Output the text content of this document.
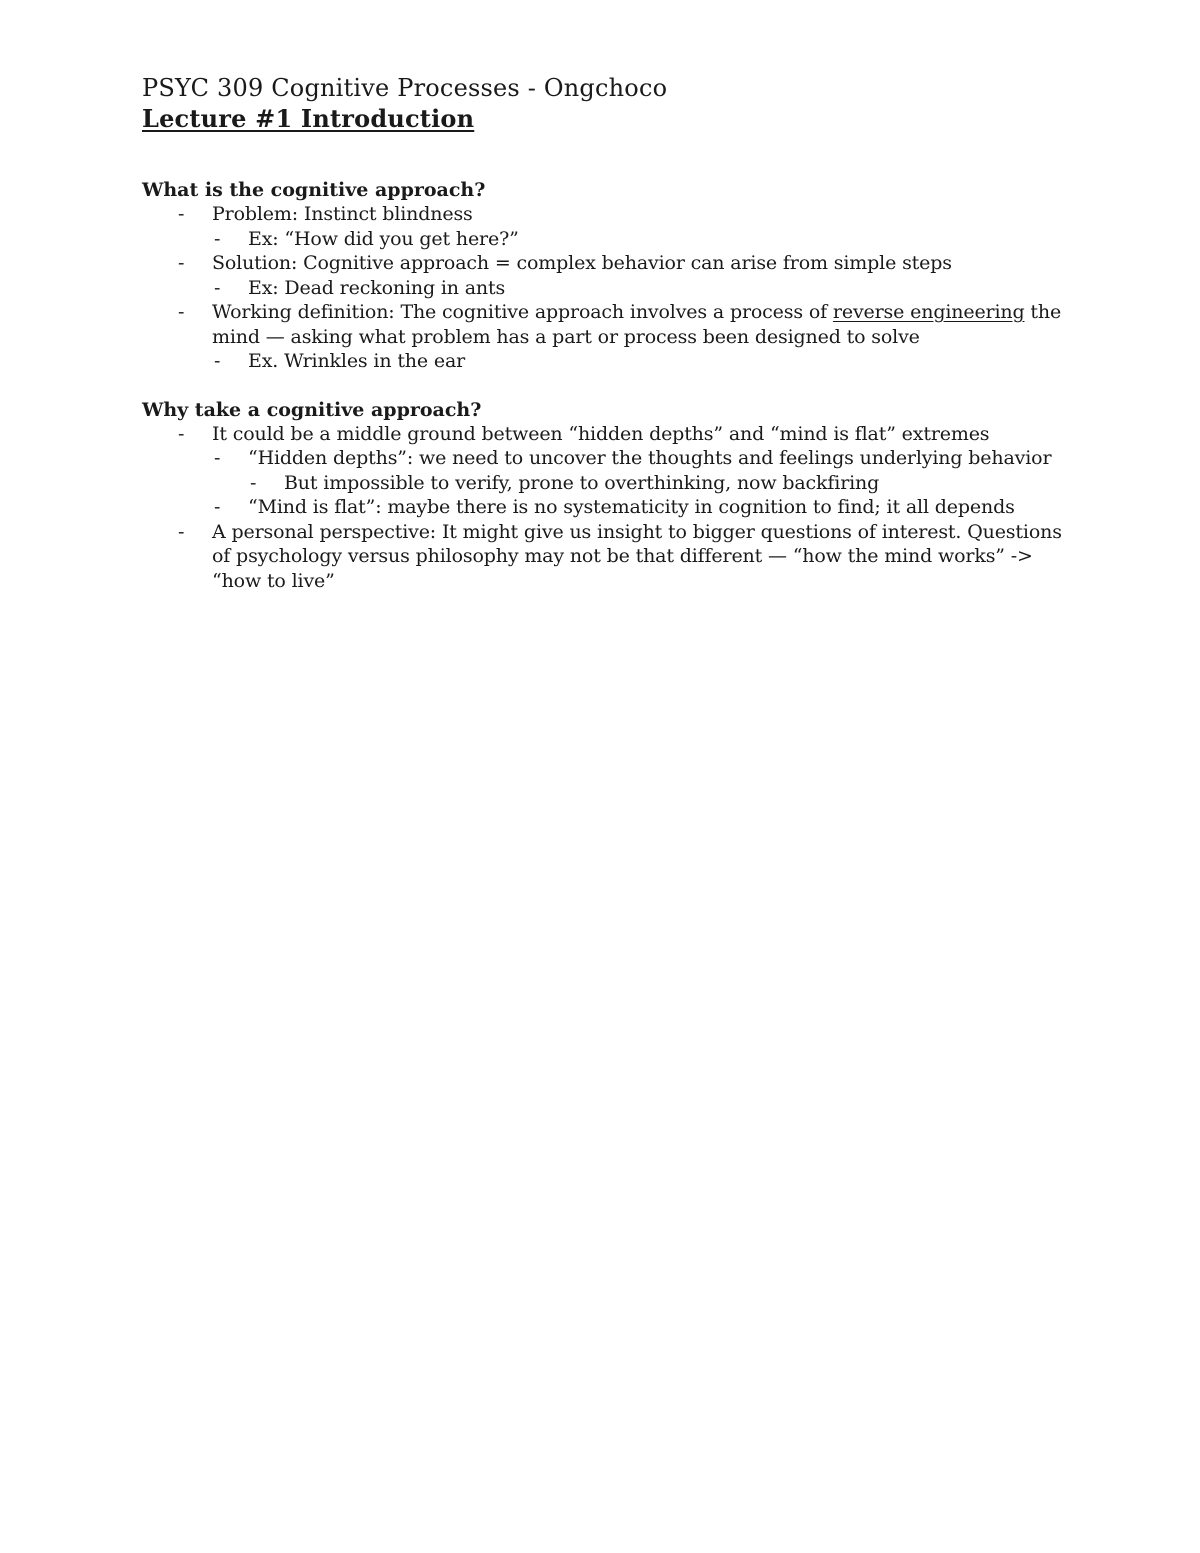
PSYC 309 Cognitive Processes - Ongchoco
Lecture #1 Introduction
What is the cognitive approach?
- Problem: Instinct blindness
- Ex: “How did you get here?”
- Solution: Cognitive approach = complex behavior can arise from simple steps
- Ex: Dead reckoning in ants
- Working definition: The cognitive approach involves a process of reverse engineering the mind — asking what problem has a part or process been designed to solve
- Ex. Wrinkles in the ear
Why take a cognitive approach?
- It could be a middle ground between “hidden depths” and “mind is flat” extremes
- “Hidden depths”: we need to uncover the thoughts and feelings underlying behavior
- But impossible to verify, prone to overthinking, now backfiring
- “Mind is flat”: maybe there is no systematicity in cognition to find; it all depends
- A personal perspective: It might give us insight to bigger questions of interest. Questions of psychology versus philosophy may not be that different — “how the mind works” -> “how to live”
